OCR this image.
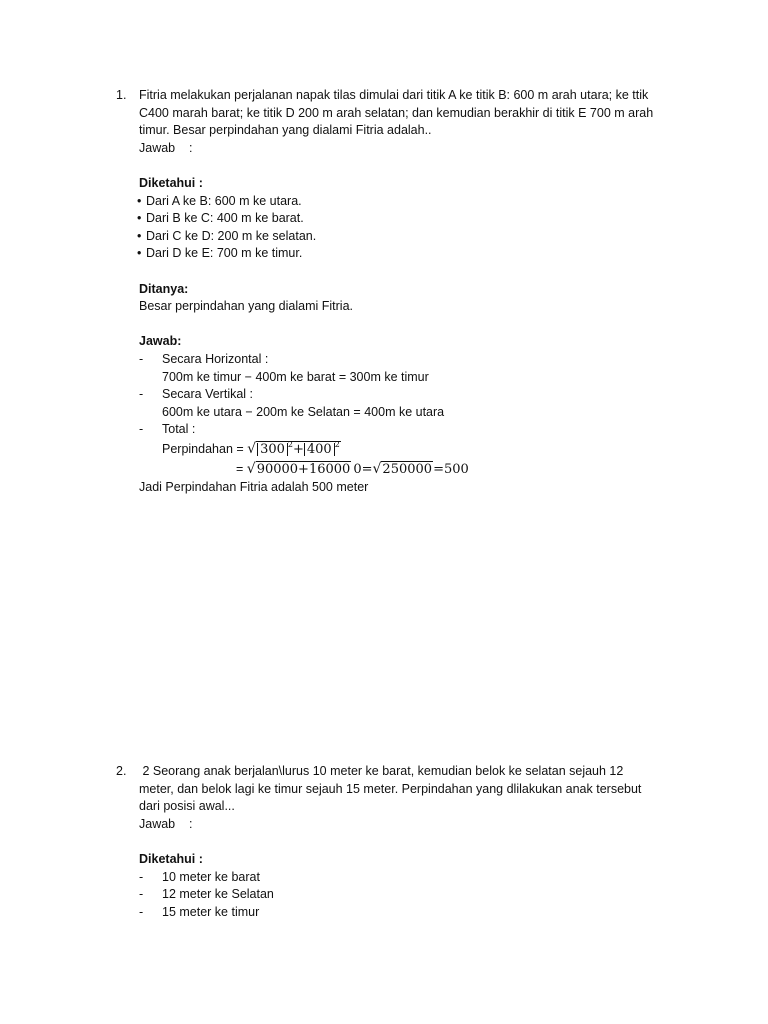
1. Fitria melakukan perjalanan napak tilas dimulai dari titik A ke titik B: 600 m arah utara; ke ttik

C400 marah barat; ke titik D 200 m arah selatan; dan kemudian berakhir di titik E 700 m arah

timur. Besar perpindahan yang dialami Fitria adalah..

Jawab    :

Diketahui :

• Dari A ke B: 600 m ke utara.

• Dari B ke C: 400 m ke barat.

• Dari C ke D: 200 m ke selatan.

• Dari D ke E: 700 m ke timur.

Ditanya:

Besar perpindahan yang dialami Fitria.

Jawab:

- Secara Horizontal :

700m ke timur − 400m ke barat = 300m ke timur

- Secara Vertikal :

600m ke utara − 200m ke Selatan = 400m ke utara

- Total :

Perpindahan = √ 300 $^2$+ 400 $^2$

= √90000+16000 0=√250000=500

Jadi Perpindahan Fitria adalah 500 meter

2. 2 Seorang anak berjalan\lurus 10 meter ke barat, kemudian belok ke selatan sejauh 12

meter, dan belok lagi ke timur sejauh 15 meter. Perpindahan yang dlilakukan anak tersebut

dari posisi awal...

Jawab    :

Diketahui :

- 10 meter ke barat

- 12 meter ke Selatan

- 15 meter ke timur
